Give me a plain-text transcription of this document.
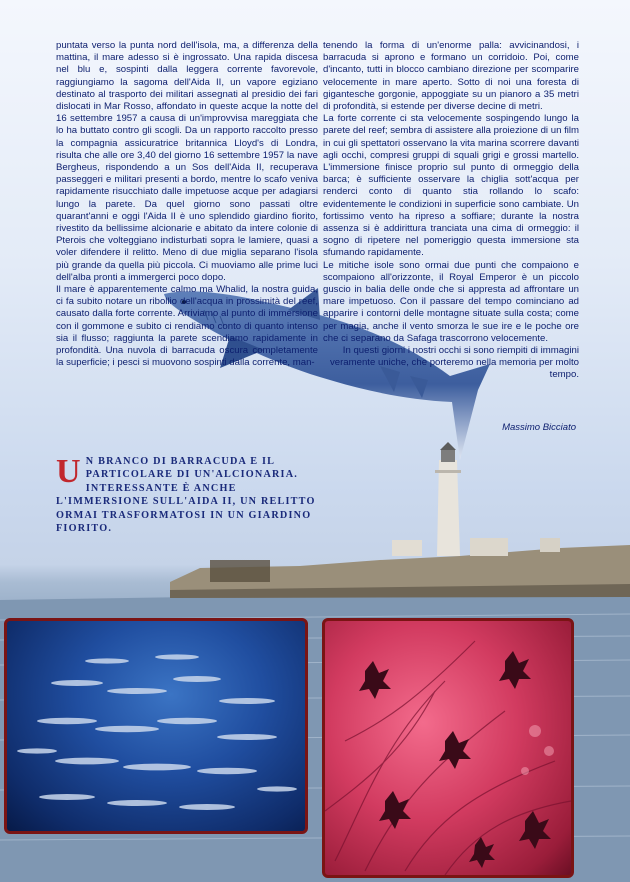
puntata verso la punta nord dell'isola, ma, a differenza della mattina, il mare adesso si è ingrossato. Una rapida discesa nel blu e, sospinti dalla leggera corrente favorevole, raggiungiamo la sagoma dell'Aida II, un vapore egiziano destinato al trasporto dei militari assegnati al presidio dei fari dislocati in Mar Rosso, affondato in queste acque la notte del 16 settembre 1957 a causa di un'improvvisa mareggiata che lo ha buttato contro gli scogli. Da un rapporto raccolto presso la compagnia assicuratrice britannica Lloyd's di Londra, risulta che alle ore 3,40 del giorno 16 settembre 1957 la nave Bergheus, rispondendo a un Sos dell'Aida II, recuperava passeggeri e militari presenti a bordo, mentre lo scafo veniva rapidamente risucchiato dalle impetuose acque per adagiarsi lungo la parete. Da quel giorno sono passati oltre quarant'anni e oggi l'Aida II è uno splendido giardino fiorito, rivestito da bellissime alcionarie e abitato da intere colonie di Pterois che volteggiano indisturbati sopra le lamiere, quasi a voler difendere il relitto. Meno di due miglia separano l'isola più grande da quella più piccola. Ci muoviamo alle prime luci dell'alba pronti a immergerci poco dopo.

Il mare è apparentemente calmo ma Whalid, la nostra guida, ci fa subito notare un ribollio dell'acqua in prossimità del reef, causato dalla forte corrente. Arriviamo al punto di immersione con il gommone e subito ci rendiamo conto di quanto intenso sia il flusso; raggiunta la parete scendiamo rapidamente in profondità. Una nuvola di barracuda oscura completamente la superficie; i pesci si muovono sospinti dalla corrente, man-

tenendo la forma di un'enorme palla: avvicinandosi, i barracuda si aprono e formano un corridoio. Poi, come d'incanto, tutti in blocco cambiano direzione per scomparire velocemente in mare aperto. Sotto di noi una foresta di gigantesche gorgonie, appoggiate su un pianoro a 35 metri di profondità, si estende per diverse decine di metri.

La forte corrente ci sta velocemente sospingendo lungo la parete del reef; sembra di assistere alla proiezione di un film in cui gli spettatori osservano la vita marina scorrere davanti agli occhi, compresi gruppi di squali grigi e grossi martello. L'immersione finisce proprio sul punto di ormeggio della barca; è sufficiente osservare la chiglia sott'acqua per renderci conto di quanto stia rollando lo scafo: evidentemente le condizioni in superficie sono cambiate. Un fortissimo vento ha ripreso a soffiare; durante la nostra assenza si è addirittura tranciata una cima di ormeggio: il sogno di ripetere nel pomeriggio questa immersione sta sfumando rapidamente.

Le mitiche isole sono ormai due punti che compaiono e scompaiono all'orizzonte, il Royal Emperor è un piccolo guscio in balia delle onde che si appresta ad affrontare un mare impetuoso. Con il passare del tempo cominciano ad apparire i contorni delle montagne situate sulla costa; come per magia, anche il vento smorza le sue ire e le poche ore che ci separano da Safaga trascorrono velocemente.

In questi giorni i nostri occhi si sono riempiti di immagini veramente uniche, che porteremo nella memoria per molto tempo.

Massimo Bicciato
U N BRANCO DI BARRACUDA E IL PARTICOLARE DI UN'ALCIONARIA. INTERESSANTE È ANCHE L'IMMERSIONE SULL'AIDA II, UN RELITTO ORMAI TRASFORMATOSI IN UN GIARDINO FIORITO.
